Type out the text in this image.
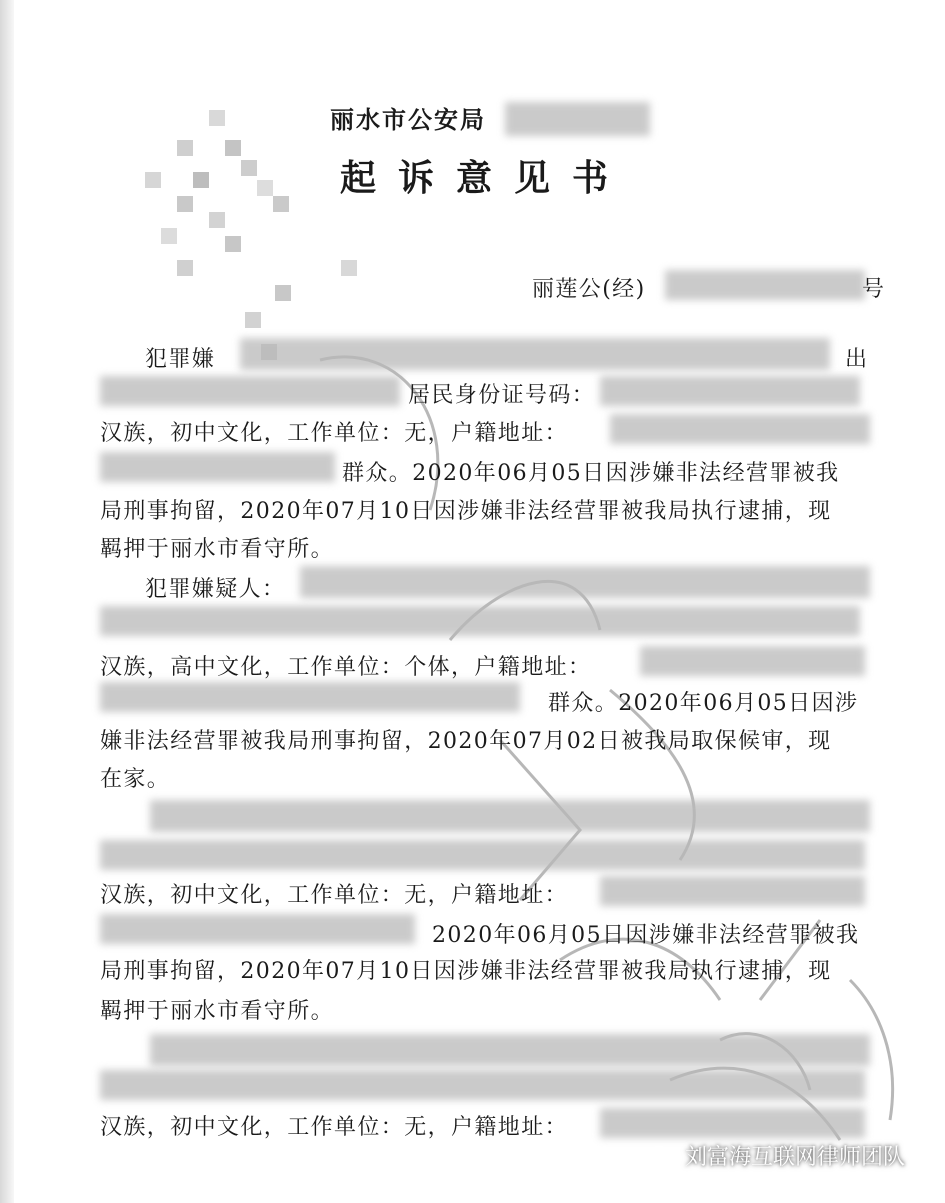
丽水市公安局
起诉意见书
丽莲公(经)	号
犯罪嫌	出
居民身份证号码：
汉族，初中文化，工作单位：无，户籍地址：
群众。2020年06月05日因涉嫌非法经营罪被我
局刑事拘留，2020年07月10日因涉嫌非法经营罪被我局执行逮捕，现
羁押于丽水市看守所。
犯罪嫌疑人：
汉族，高中文化，工作单位：个体，户籍地址：
群众。2020年06月05日因涉
嫌非法经营罪被我局刑事拘留，2020年07月02日被我局取保候审，现
在家。
汉族，初中文化，工作单位：无，户籍地址：
2020年06月05日因涉嫌非法经营罪被我
局刑事拘留，2020年07月10日因涉嫌非法经营罪被我局执行逮捕，现
羁押于丽水市看守所。
汉族，初中文化，工作单位：无，户籍地址：
刘富海互联网律师团队
